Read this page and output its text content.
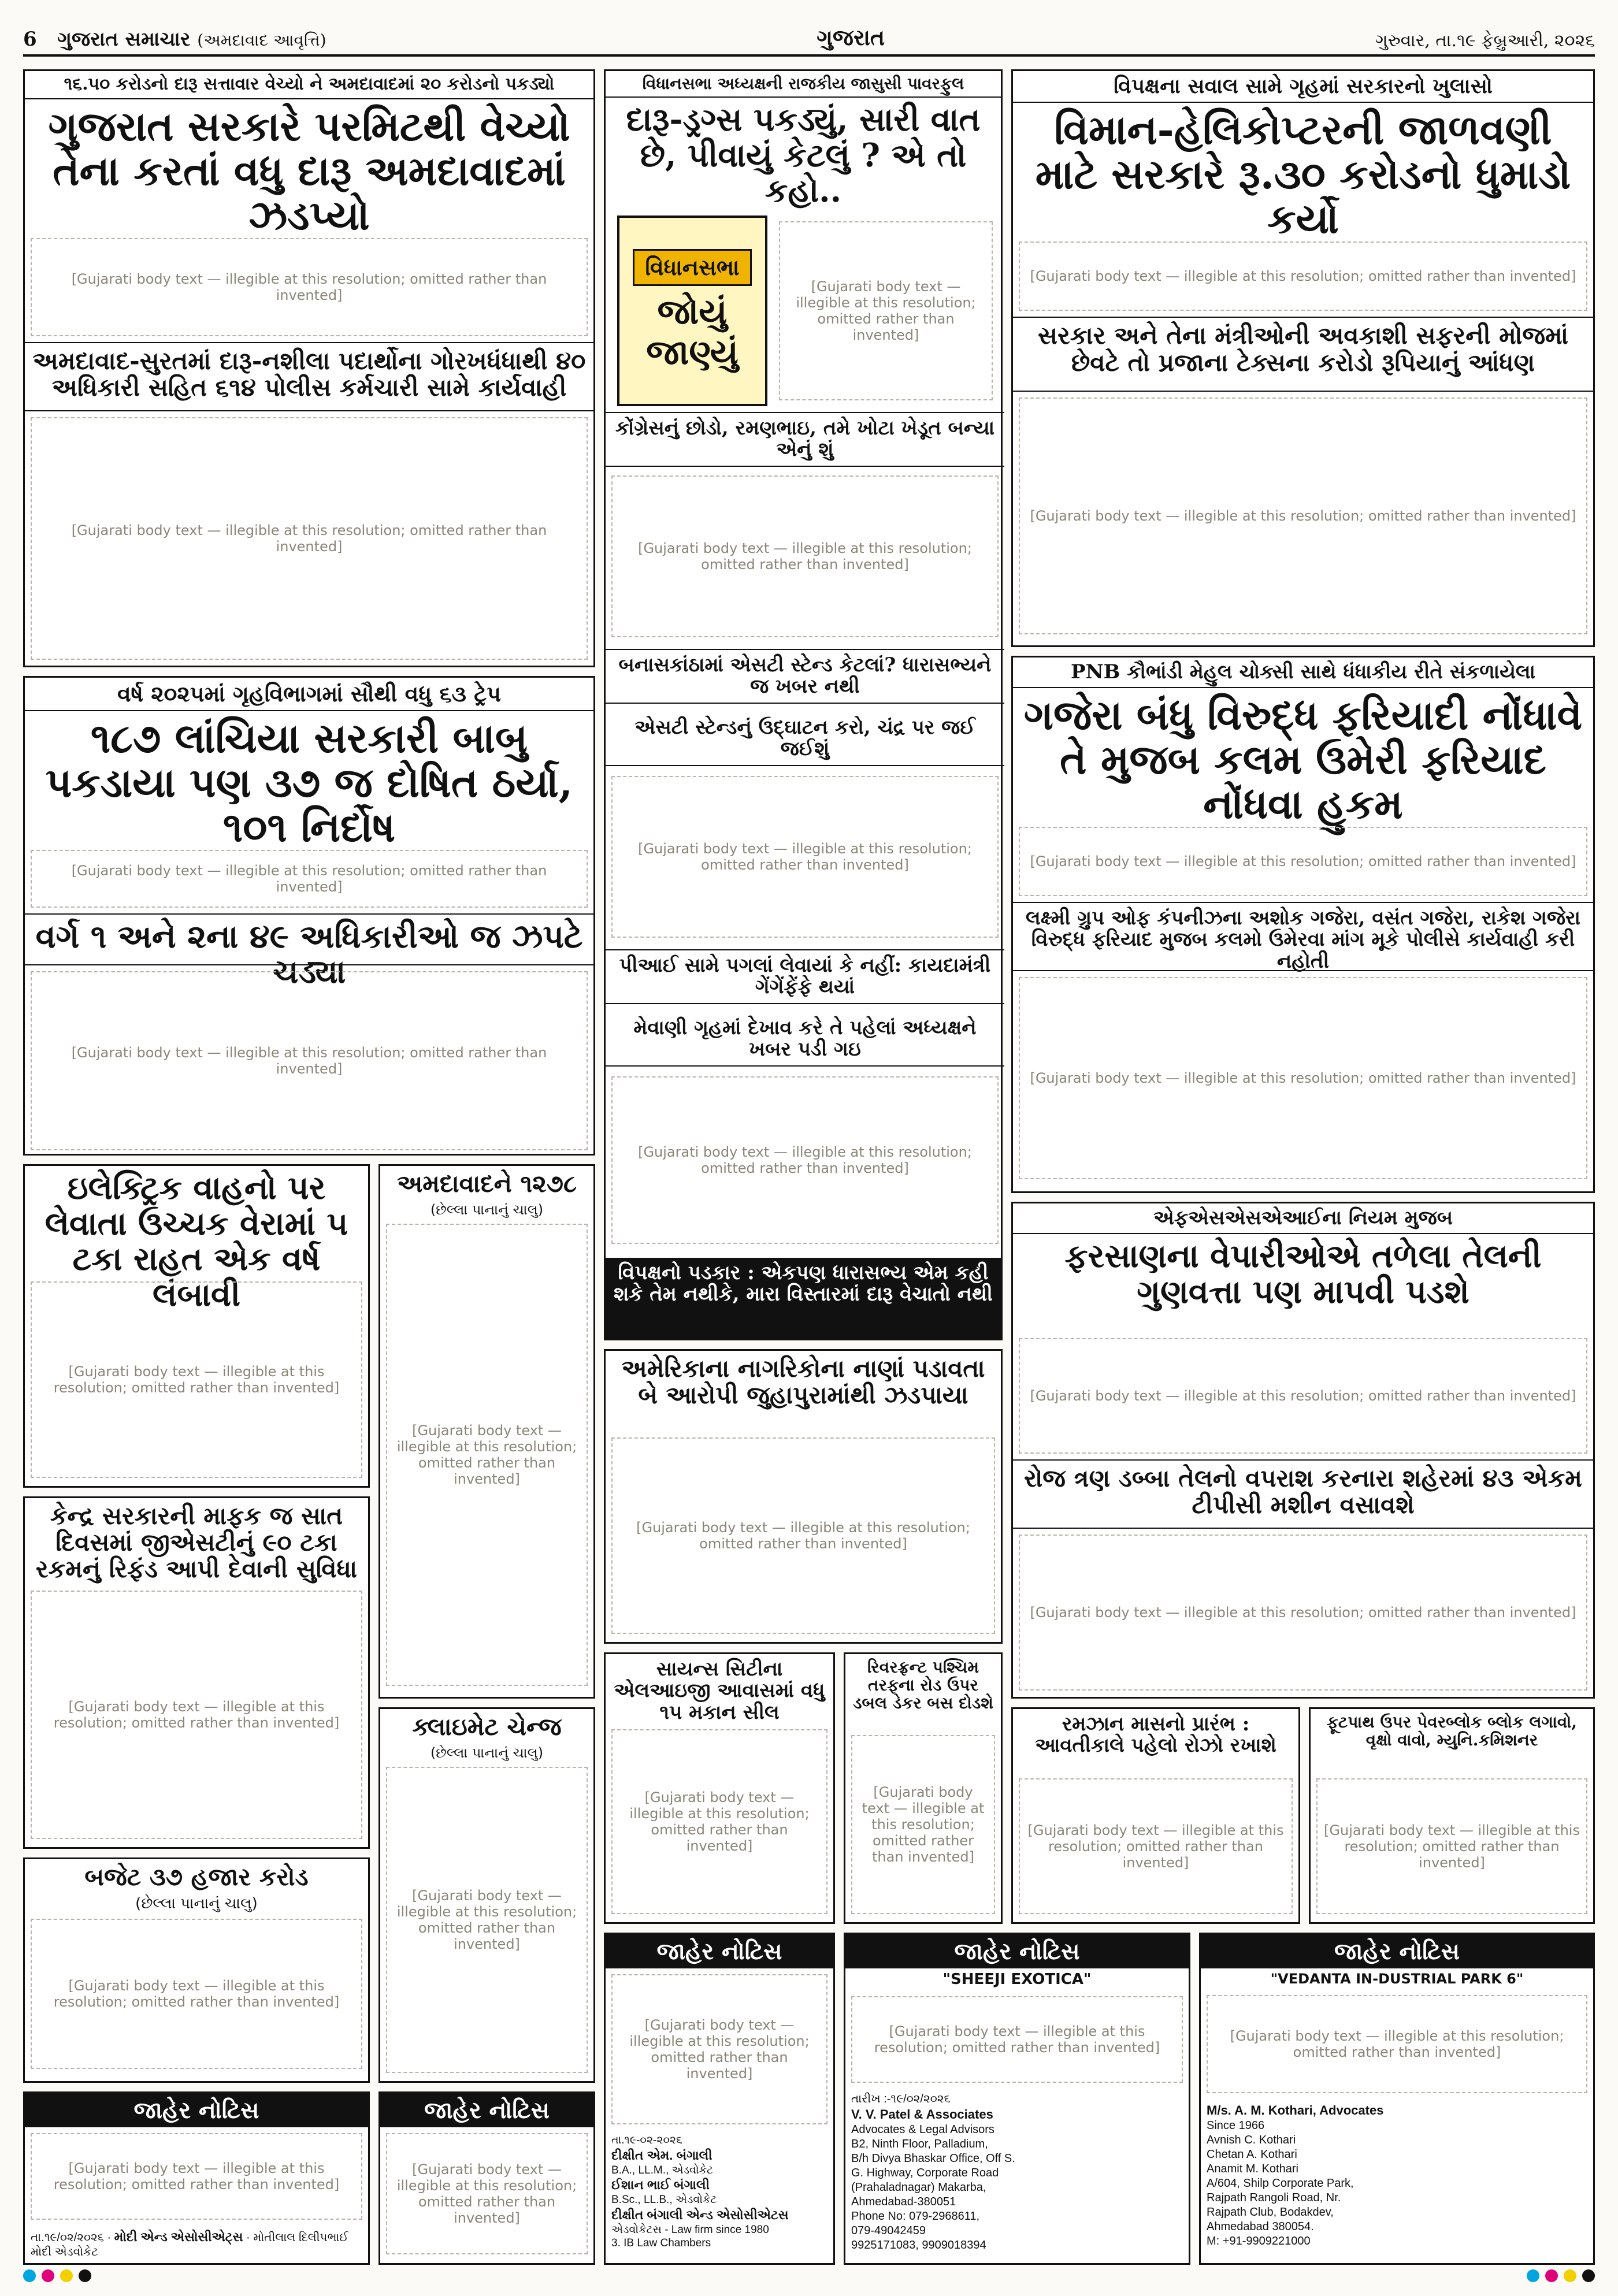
6 ગુજરાત સમાચાર (અમદાવાદ આવૃત્તિ)	ગુજરાત	ગુરુવાર, તા.૧૯ ફેબ્રુઆરી, ૨૦૨૬
૧૬.૫૦ કરોડનો દારૂ સત્તાવાર વેચ્યો ને અમદાવાદમાં ૨૦ કરોડનો પકડ્યો
ગુજરાત સરકારે પરમિટથી વેચ્યો તેના કરતાં વધુ દારૂ અમદાવાદમાં ઝડપ્યો
[Gujarati body text — illegible at this resolution; omitted rather than invented]
અમદાવાદ-સુરતમાં દારૂ-નશીલા પદાર્થોના ગોરખધંધાથી ૪૦ અધિકારી સહિત ૬૧૪ પોલીસ કર્મચારી સામે કાર્યવાહી
[Gujarati body text — illegible at this resolution; omitted rather than invented]
વર્ષ ૨૦૨૫માં ગૃહવિભાગમાં સૌથી વધુ ૬૩ ટ્રેપ
૧૮૭ લાંચિયા સરકારી બાબુ પકડાયા પણ ૩૭ જ દોષિત ઠર્યા, ૧૦૧ નિર્દોષ
[Gujarati body text — illegible at this resolution; omitted rather than invented]
વર્ગ ૧ અને ૨ના ૪૯ અધિકારીઓ જ ઝપટે ચડ્યા
[Gujarati body text — illegible at this resolution; omitted rather than invented]
ઇલેક્ટ્રિક વાહનો પર લેવાતા ઉચ્ચક વેરામાં ૫ ટકા રાહત એક વર્ષ લંબાવી
[Gujarati body text — illegible at this resolution; omitted rather than invented]
કેન્દ્ર સરકારની માફક જ સાત દિવસમાં જીએસટીનું ૯૦ ટકા રકમનું રિફંડ આપી દેવાની સુવિધા
[Gujarati body text — illegible at this resolution; omitted rather than invented]
બજેટ ૩૭ હજાર કરોડ
(છેલ્લા પાનાનું ચાલુ)
[Gujarati body text — illegible at this resolution; omitted rather than invented]
અમદાવાદને ૧૨૭૮
(છેલ્લા પાનાનું ચાલુ)
[Gujarati body text — illegible at this resolution; omitted rather than invented]
ક્લાઇમેટ ચેન્જ
(છેલ્લા પાનાનું ચાલુ)
[Gujarati body text — illegible at this resolution; omitted rather than invented]
વિધાનસભા અધ્યક્ષની રાજકીય જાસુસી પાવરફુલ
દારૂ-ડ્રગ્સ પકડ્યું, સારી વાત છે, પીવાયું કેટલું ? એ તો કહો..
વિધાનસભા
જોયું
જાણ્યું
[Gujarati body text — illegible at this resolution; omitted rather than invented]
કોંગ્રેસનું છોડો, રમણભાઇ, તમે ખોટા ખેડૂત બન્યા એનું શું
[Gujarati body text — illegible at this resolution; omitted rather than invented]
બનાસકાંઠામાં એસટી સ્ટેન્ડ કેટલાં? ધારાસભ્યને જ ખબર નથી
એસટી સ્ટેન્ડનું ઉદ્ઘાટન કરો, ચંદ્ર પર જઈ જઈશું
[Gujarati body text — illegible at this resolution; omitted rather than invented]
પીઆઈ સામે પગલાં લેવાયાં કે નહીં: કાયદામંત્રી ગેંગેંફેંફે થયાં
મેવાણી ગૃહમાં દેખાવ કરે તે પહેલાં અધ્યક્ષને ખબર પડી ગઇ
[Gujarati body text — illegible at this resolution; omitted rather than invented]
વિપક્ષનો પડકાર : એકપણ ધારાસભ્ય એમ કહી શકે તેમ નથીકે, મારા વિસ્તારમાં દારૂ વેચાતો નથી
અમેરિકાના નાગરિકોના નાણાં પડાવતા બે આરોપી જુહાપુરામાંથી ઝડપાયા
[Gujarati body text — illegible at this resolution; omitted rather than invented]
સાયન્સ સિટીના એલઆઇજી આવાસમાં વધુ ૧૫ મકાન સીલ
[Gujarati body text — illegible at this resolution; omitted rather than invented]
રિવરફ્રન્ટ પશ્ચિમ તરફના રોડ ઉપર ડબલ ડેકર બસ દોડશે
[Gujarati body text — illegible at this resolution; omitted rather than invented]
વિપક્ષના સવાલ સામે ગૃહમાં સરકારનો ખુલાસો
વિમાન-હેલિકોપ્ટરની જાળવણી માટે સરકારે રૂ.૩૦ કરોડનો ધુમાડો કર્યો
[Gujarati body text — illegible at this resolution; omitted rather than invented]
સરકાર અને તેના મંત્રીઓની અવકાશી સફરની મોજમાં છેવટે તો પ્રજાના ટેક્સના કરોડો રૂપિયાનું આંધણ
[Gujarati body text — illegible at this resolution; omitted rather than invented]
PNB કૌભાંડી મેહુલ ચોક્સી સાથે ધંધાકીય રીતે સંકળાયેલા
ગજેરા બંધુ વિરુદ્ધ ફરિયાદી નોંધાવે તે મુજબ કલમ ઉમેરી ફરિયાદ નોંધવા હુકમ
[Gujarati body text — illegible at this resolution; omitted rather than invented]
લક્ષ્મી ગ્રુપ ઓફ કંપનીઝના અશોક ગજેરા, વસંત ગજેરા, રાકેશ ગજેરા વિરુદ્ધ ફરિયાદ મુજબ કલમો ઉમેરવા માંગ મૂકે પોલીસે કાર્યવાહી કરી નહોતી
[Gujarati body text — illegible at this resolution; omitted rather than invented]
એફએસએસએઆઈના નિયમ મુજબ
ફરસાણના વેપારીઓએ તળેલા તેલની ગુણવત્તા પણ માપવી પડશે
[Gujarati body text — illegible at this resolution; omitted rather than invented]
રોજ ત્રણ ડબ્બા તેલનો વપરાશ કરનારા શહેરમાં ૪૩ એકમ ટીપીસી મશીન વસાવશે
[Gujarati body text — illegible at this resolution; omitted rather than invented]
રમઝાન માસનો પ્રારંભ : આવતીકાલે પહેલો રોઝો રખાશે
[Gujarati body text — illegible at this resolution; omitted rather than invented]
ફૂટપાથ ઉપર પેવરબ્લોક બ્લોક લગાવો, વૃક્ષો વાવો, મ્યુનિ.કમિશનર
[Gujarati body text — illegible at this resolution; omitted rather than invented]
જાહેર નોટિસ
[Gujarati body text — illegible at this resolution; omitted rather than invented]
તા.૧૯/૦૨/૨૦૨૬ · મોદી એન્ડ એસોસીએટ્સ · મોતીલાલ દિલીપભાઈ મોદી એડવોકેટ
જાહેર નોટિસ
[Gujarati body text — illegible at this resolution; omitted rather than invented]
જાહેર નોટિસ
[Gujarati body text — illegible at this resolution; omitted rather than invented]
તા.૧૯-૦૨-૨૦૨૬
દીક્ષીત એમ. બંગાલી
B.A., LL.M., એડવોકેટ
ઈશાન ભાઈ બંગાલી
B.Sc., LL.B., એડવોકેટ
દીક્ષીત બંગાલી એન્ડ એસોસીએટસ
એડવોકેટસ - Law firm since 1980
3. IB Law Chambers
જાહેર નોટિસ
"SHEEJI EXOTICA"
[Gujarati body text — illegible at this resolution; omitted rather than invented]
તારીખ :-૧૯/૦૨/૨૦૨૬
V. V. Patel & Associates
Advocates & Legal Advisors
B2, Ninth Floor, Palladium,
B/h Divya Bhaskar Office, Off S.
G. Highway, Corporate Road
(Prahaladnagar) Makarba,
Ahmedabad-380051
Phone No: 079-2968611,
079-49042459
9925171083, 9909018394
જાહેર નોટિસ
"VEDANTA IN-DUSTRIAL PARK 6"
[Gujarati body text — illegible at this resolution; omitted rather than invented]
M/s. A. M. Kothari, Advocates
Since 1966
Avnish C. Kothari
Chetan A. Kothari
Anamit M. Kothari
A/604, Shilp Corporate Park,
Rajpath Rangoli Road, Nr.
Rajpath Club, Bodakdev,
Ahmedabad 380054.
M: +91-9909221000
